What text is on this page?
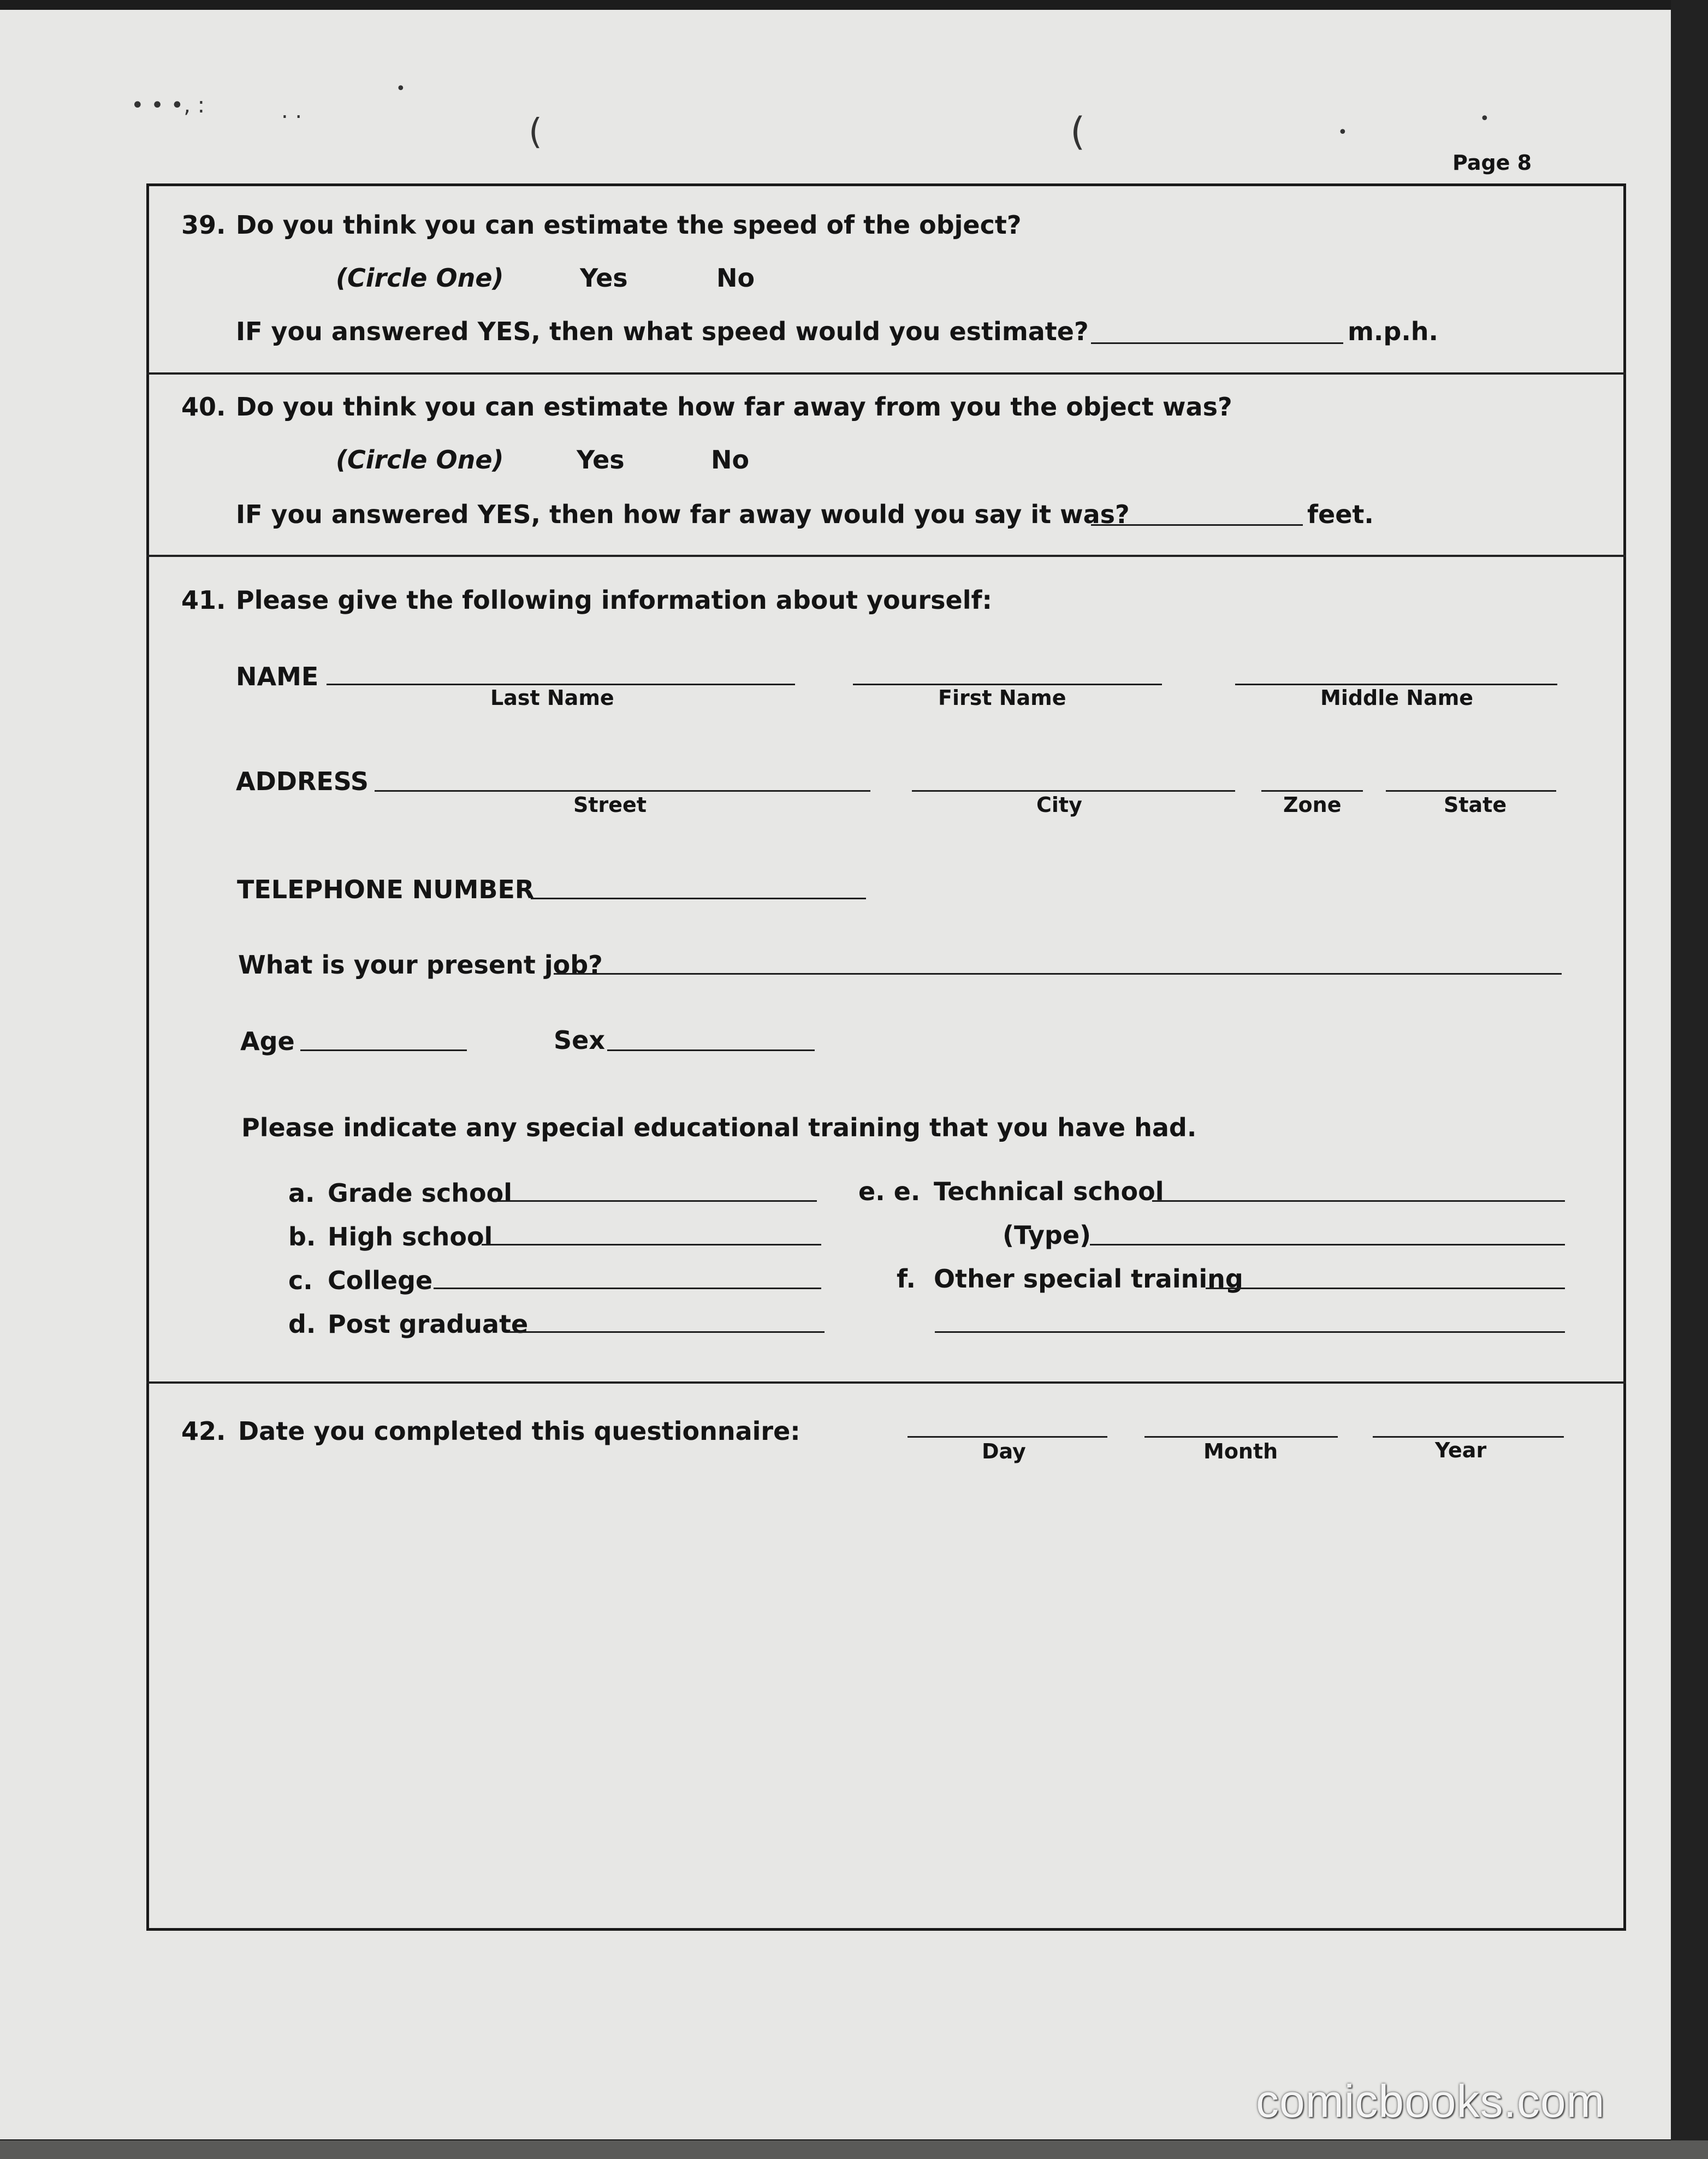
• • •, :	. .
•
(	(	•
•
Page 8
39. Do you think you can estimate the speed of the object?
(Circle One)	Yes	No
IF you answered YES, then what speed would you estimate?	m.p.h.
40. Do you think you can estimate how far away from you the object was?
(Circle One)	Yes	No
IF you answered YES, then how far away would you say it was?	feet.
41. Please give the following information about yourself:
NAME
Last Name	First Name	Middle Name
ADDRESS
Street	City	Zone	State
TELEPHONE NUMBER
What is your present job?
Age	Sex
Please indicate any special educational training that you have had.
a. Grade school
b. High school
c. College
d. Post graduate
e. e. Technical school
(Type)
f. Other special training
42. Date you completed this questionnaire:
Day	Month	Year
comicbooks.com
